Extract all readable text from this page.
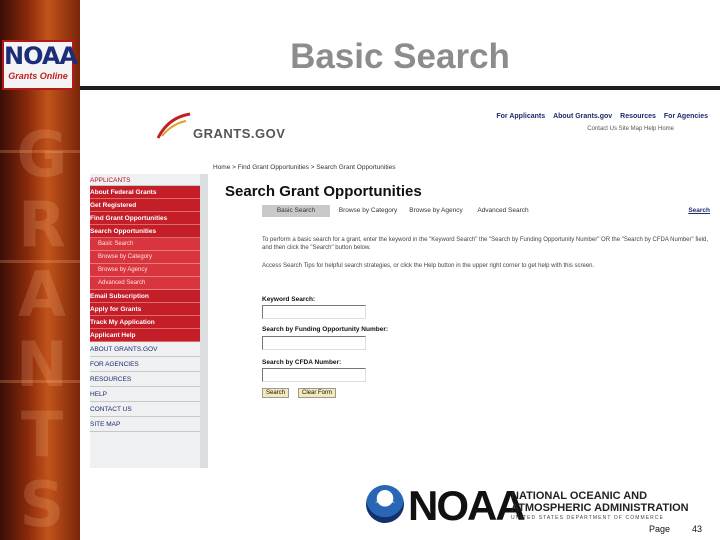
G
R
A
N
T
S
NOAA
Grants Online	Basic Search
GRANTS.GOV
For Applicants About Grants.gov Resources For Agencies
Contact Us Site Map Help Home
Home > Find Grant Opportunities > Search Grant Opportunities
APPLICANTS
About Federal Grants
Get Registered
Find Grant Opportunities
Search Opportunities
Basic Search
Browse by Category
Browse by Agency
Advanced Search
Email Subscription
Apply for Grants
Track My Application
Applicant Help
ABOUT GRANTS.GOV
FOR AGENCIES
RESOURCES
HELP
CONTACT US
SITE MAP
Search Grant Opportunities
Basic Search	Browse by Category	Browse by Agency	Advanced Search	Search
To perform a basic search for a grant, enter the keyword in the "Keyword Search" the "Search by Funding Opportunity Number" OR the "Search by CFDA Number" field, and then click the "Search" button below.
Access Search Tips for helpful search strategies, or click the Help button in the upper right corner to get help with this screen.
Keyword Search:
Search by Funding Opportunity Number:
Search by CFDA Number:
Search	Clear Form
NOAA
NATIONAL OCEANIC AND
ATMOSPHERIC ADMINISTRATION
UNITED STATES DEPARTMENT OF COMMERCE
Page 43
